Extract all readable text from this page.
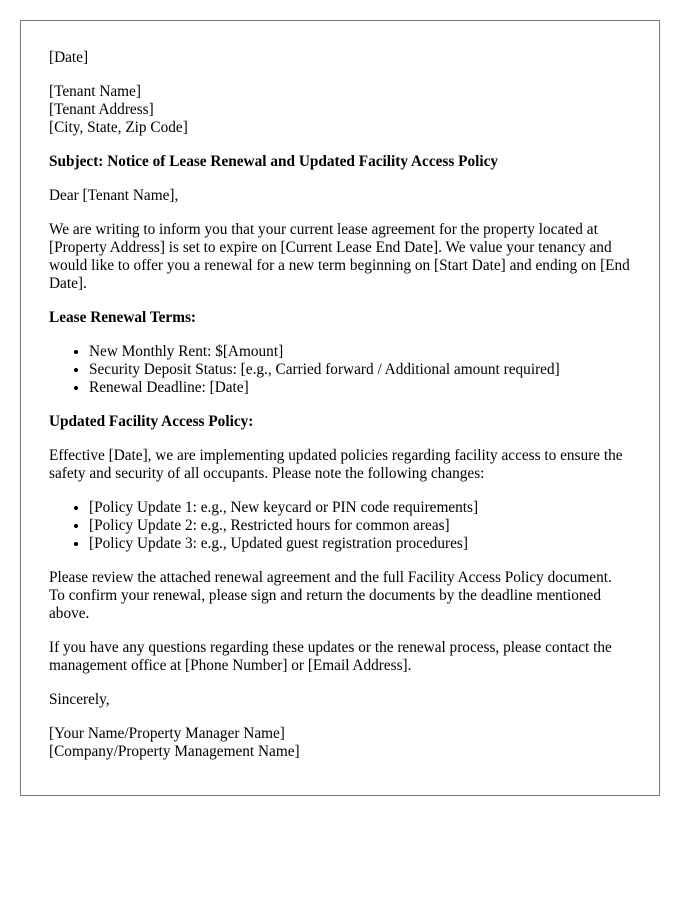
[Date]

[Tenant Name]
[Tenant Address]
[City, State, Zip Code]

Subject: Notice of Lease Renewal and Updated Facility Access Policy

Dear [Tenant Name],

We are writing to inform you that your current lease agreement for the property located at [Property Address] is set to expire on [Current Lease End Date]. We value your tenancy and would like to offer you a renewal for a new term beginning on [Start Date] and ending on [End Date].

Lease Renewal Terms:

• New Monthly Rent: $[Amount]
• Security Deposit Status: [e.g., Carried forward / Additional amount required]
• Renewal Deadline: [Date]

Updated Facility Access Policy:

Effective [Date], we are implementing updated policies regarding facility access to ensure the safety and security of all occupants. Please note the following changes:

• [Policy Update 1: e.g., New keycard or PIN code requirements]
• [Policy Update 2: e.g., Restricted hours for common areas]
• [Policy Update 3: e.g., Updated guest registration procedures]

Please review the attached renewal agreement and the full Facility Access Policy document. To confirm your renewal, please sign and return the documents by the deadline mentioned above.

If you have any questions regarding these updates or the renewal process, please contact the management office at [Phone Number] or [Email Address].

Sincerely,

[Your Name/Property Manager Name]
[Company/Property Management Name]
